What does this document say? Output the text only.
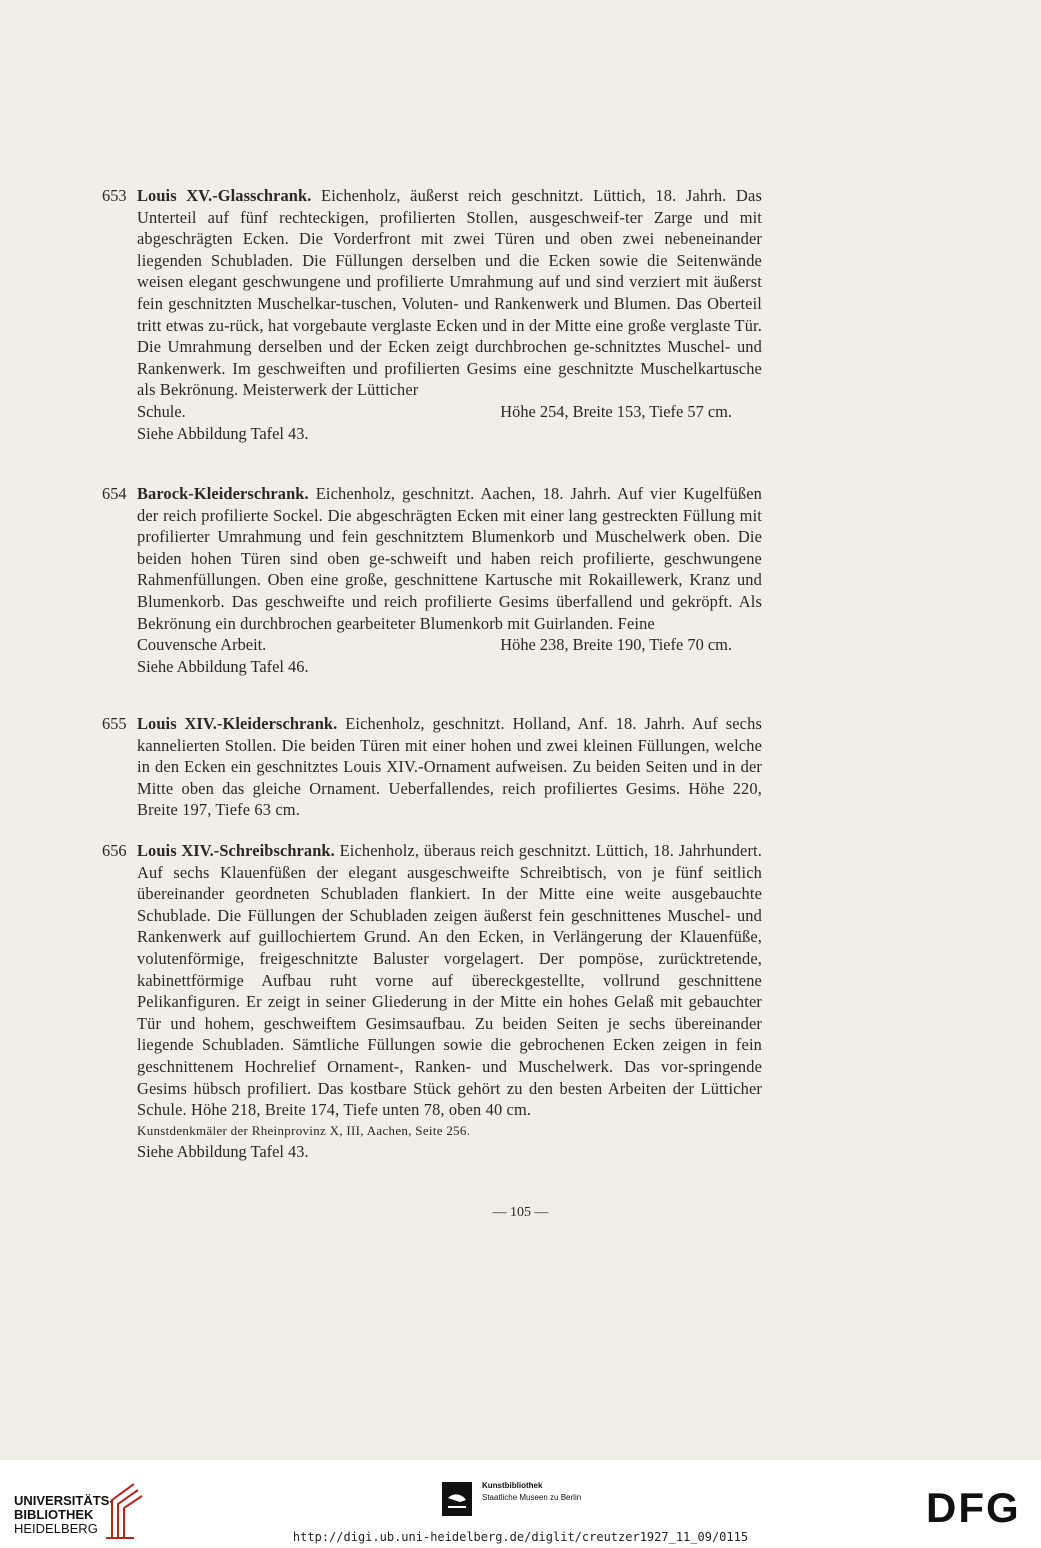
653 Louis XV.-Glasschrank. Eichenholz, äußerst reich geschnitzt. Lüttich, 18. Jahrh. Das Unterteil auf fünf rechteckigen, profilierten Stollen, ausgeschweif-ter Zarge und mit abgeschrägten Ecken. Die Vorderfront mit zwei Türen und oben zwei nebeneinander liegenden Schubladen. Die Füllungen derselben und die Ecken sowie die Seitenwände weisen elegant geschwungene und profilierte Umrahmung auf und sind verziert mit äußerst fein geschnitzten Muschelkar-tuschen, Voluten- und Rankenwerk und Blumen. Das Oberteil tritt etwas zu-rück, hat vorgebaute verglaste Ecken und in der Mitte eine große verglaste Tür. Die Umrahmung derselben und der Ecken zeigt durchbrochen ge-schnitztes Muschel- und Rankenwerk. Im geschweiften und profilierten Gesims eine geschnitzte Muschelkartusche als Bekrönung. Meisterwerk der Lütticher
Schule.	Höhe 254, Breite 153, Tiefe 57 cm.
Siehe Abbildung Tafel 43.
654 Barock-Kleiderschrank. Eichenholz, geschnitzt. Aachen, 18. Jahrh. Auf vier Kugelfüßen der reich profilierte Sockel. Die abgeschrägten Ecken mit einer lang gestreckten Füllung mit profilierter Umrahmung und fein geschnitztem Blumenkorb und Muschelwerk oben. Die beiden hohen Türen sind oben ge-schweift und haben reich profilierte, geschwungene Rahmenfüllungen. Oben eine große, geschnittene Kartusche mit Rokaillewerk, Kranz und Blumenkorb. Das geschweifte und reich profilierte Gesims überfallend und gekröpft. Als Bekrönung ein durchbrochen gearbeiteter Blumenkorb mit Guirlanden. Feine
Couvensche Arbeit.	Höhe 238, Breite 190, Tiefe 70 cm.
Siehe Abbildung Tafel 46.
655 Louis XIV.-Kleiderschrank. Eichenholz, geschnitzt. Holland, Anf. 18. Jahrh. Auf sechs kannelierten Stollen. Die beiden Türen mit einer hohen und zwei kleinen Füllungen, welche in den Ecken ein geschnitztes Louis XIV.-Ornament aufweisen. Zu beiden Seiten und in der Mitte oben das gleiche Ornament. Ueberfallendes, reich profiliertes Gesims. Höhe 220, Breite 197, Tiefe 63 cm.
656 Louis XIV.-Schreibschrank. Eichenholz, überaus reich geschnitzt. Lüttich, 18. Jahrhundert. Auf sechs Klauenfüßen der elegant ausgeschweifte Schreibtisch, von je fünf seitlich übereinander geordneten Schubladen flankiert. In der Mitte eine weite ausgebauchte Schublade. Die Füllungen der Schubladen zeigen äußerst fein geschnittenes Muschel- und Rankenwerk auf guillochiertem Grund. An den Ecken, in Verlängerung der Klauenfüße, volutenförmige, freigeschnitzte Baluster vorgelagert. Der pompöse, zurücktretende, kabinettförmige Aufbau ruht vorne auf übereckgestellte, vollrund geschnittene Pelikanfiguren. Er zeigt in seiner Gliederung in der Mitte ein hohes Gelaß mit gebauchter Tür und hohem, geschweiftem Gesimsaufbau. Zu beiden Seiten je sechs übereinander liegende Schubladen. Sämtliche Füllungen sowie die gebrochenen Ecken zeigen in fein geschnittenem Hochrelief Ornament-, Ranken- und Muschelwerk. Das vor-springende Gesims hübsch profiliert. Das kostbare Stück gehört zu den besten Arbeiten der Lütticher Schule. Höhe 218, Breite 174, Tiefe unten 78, oben 40 cm.
Kunstdenkmäler der Rheinprovinz X, III, Aachen, Seite 256.
Siehe Abbildung Tafel 43.
— 105 —
UNIVERSITÄTS-
BIBLIOTHEK
HEIDELBERG
Kunstbibliothek
Staatliche Museen zu Berlin	DFG
http://digi.ub.uni-heidelberg.de/diglit/creutzer1927_11_09/0115
